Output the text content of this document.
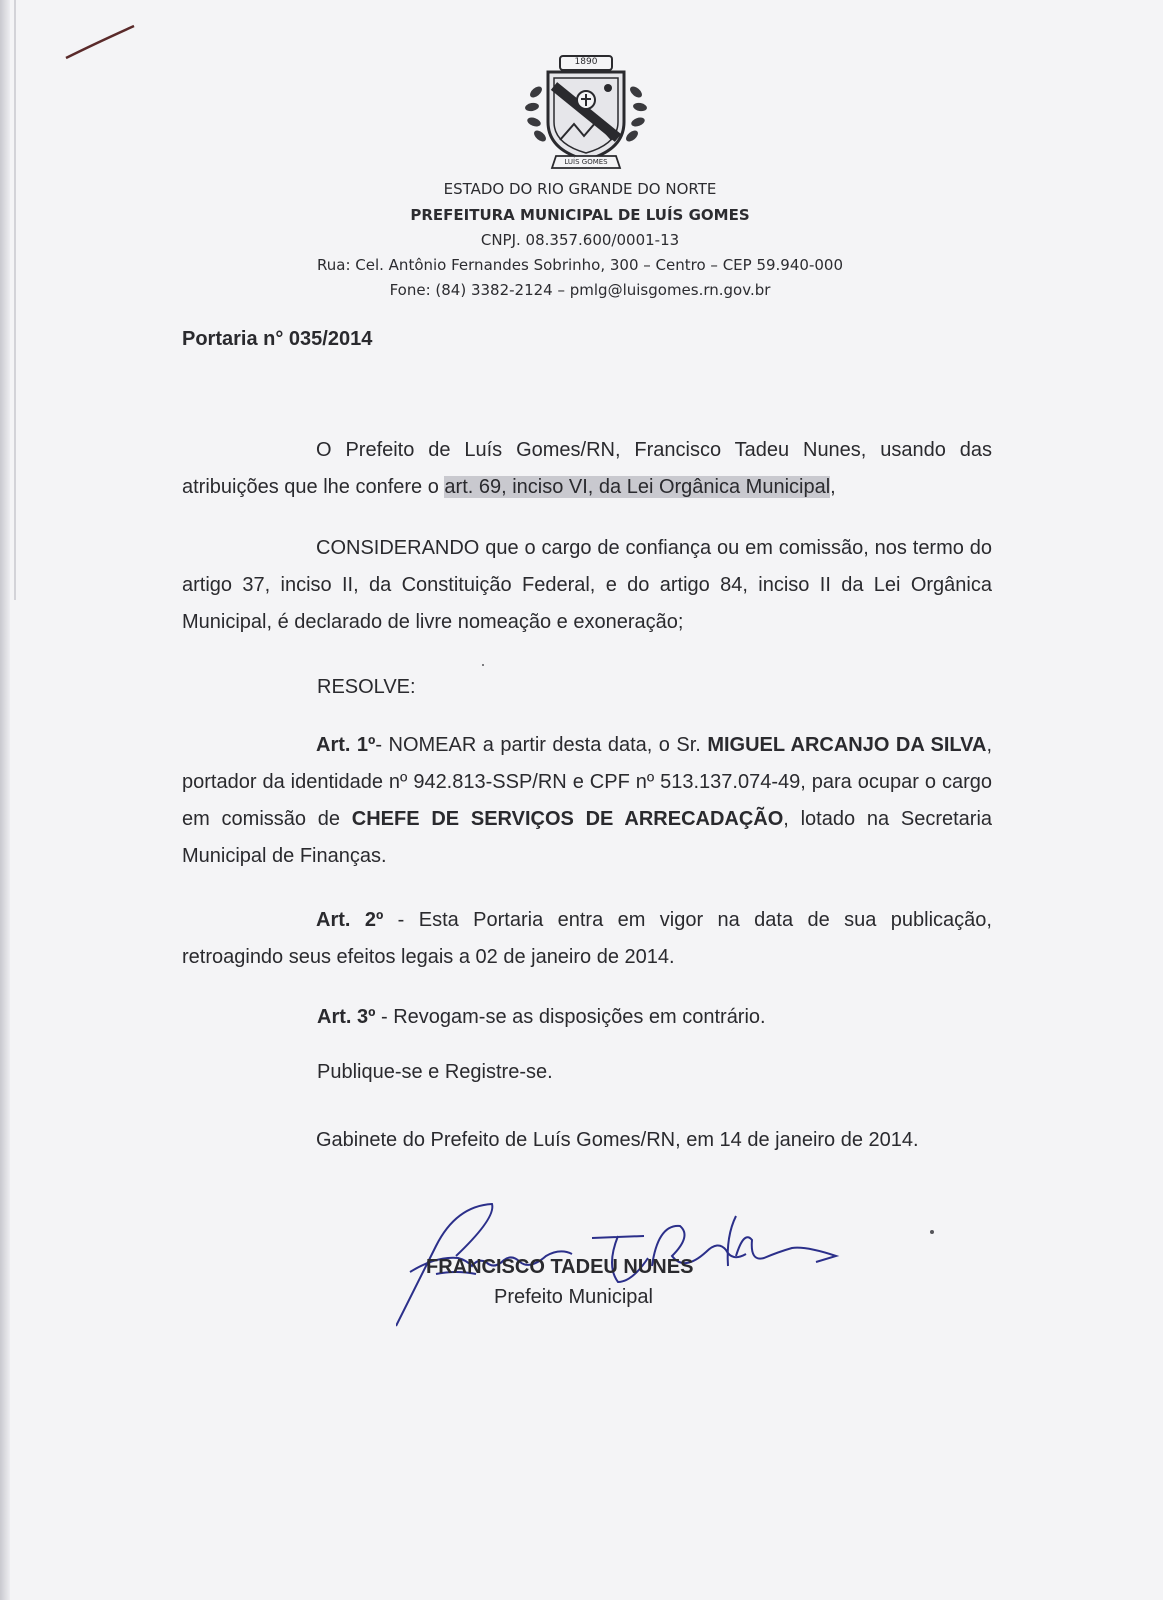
1890
LUÍS GOMES
ESTADO DO RIO GRANDE DO NORTE
PREFEITURA MUNICIPAL DE LUÍS GOMES
CNPJ. 08.357.600/0001-13
Rua: Cel. Antônio Fernandes Sobrinho, 300 – Centro – CEP 59.940-000
Fone: (84) 3382-2124 – pmlg@luisgomes.rn.gov.br
Portaria n° 035/2014
O Prefeito de Luís Gomes/RN, Francisco Tadeu Nunes, usando das atribuições que lhe confere o art. 69, inciso VI, da Lei Orgânica Municipal,
CONSIDERANDO que o cargo de confiança ou em comissão, nos termo do artigo 37, inciso II, da Constituição Federal, e do artigo 84, inciso II da Lei Orgânica Municipal, é declarado de livre nomeação e exoneração;
RESOLVE:
Art. 1º- NOMEAR a partir desta data, o Sr. MIGUEL ARCANJO DA SILVA, portador da identidade nº 942.813-SSP/RN e CPF nº 513.137.074-49, para ocupar o cargo em comissão de CHEFE DE SERVIÇOS DE ARRECADAÇÃO, lotado na Secretaria Municipal de Finanças.
Art. 2º - Esta Portaria entra em vigor na data de sua publicação, retroagindo seus efeitos legais a 02 de janeiro de 2014.
Art. 3º - Revogam-se as disposições em contrário.
Publique-se e Registre-se.
Gabinete do Prefeito de Luís Gomes/RN, em 14 de janeiro de 2014.
FRANCISCO TADEU NUNES
Prefeito Municipal
